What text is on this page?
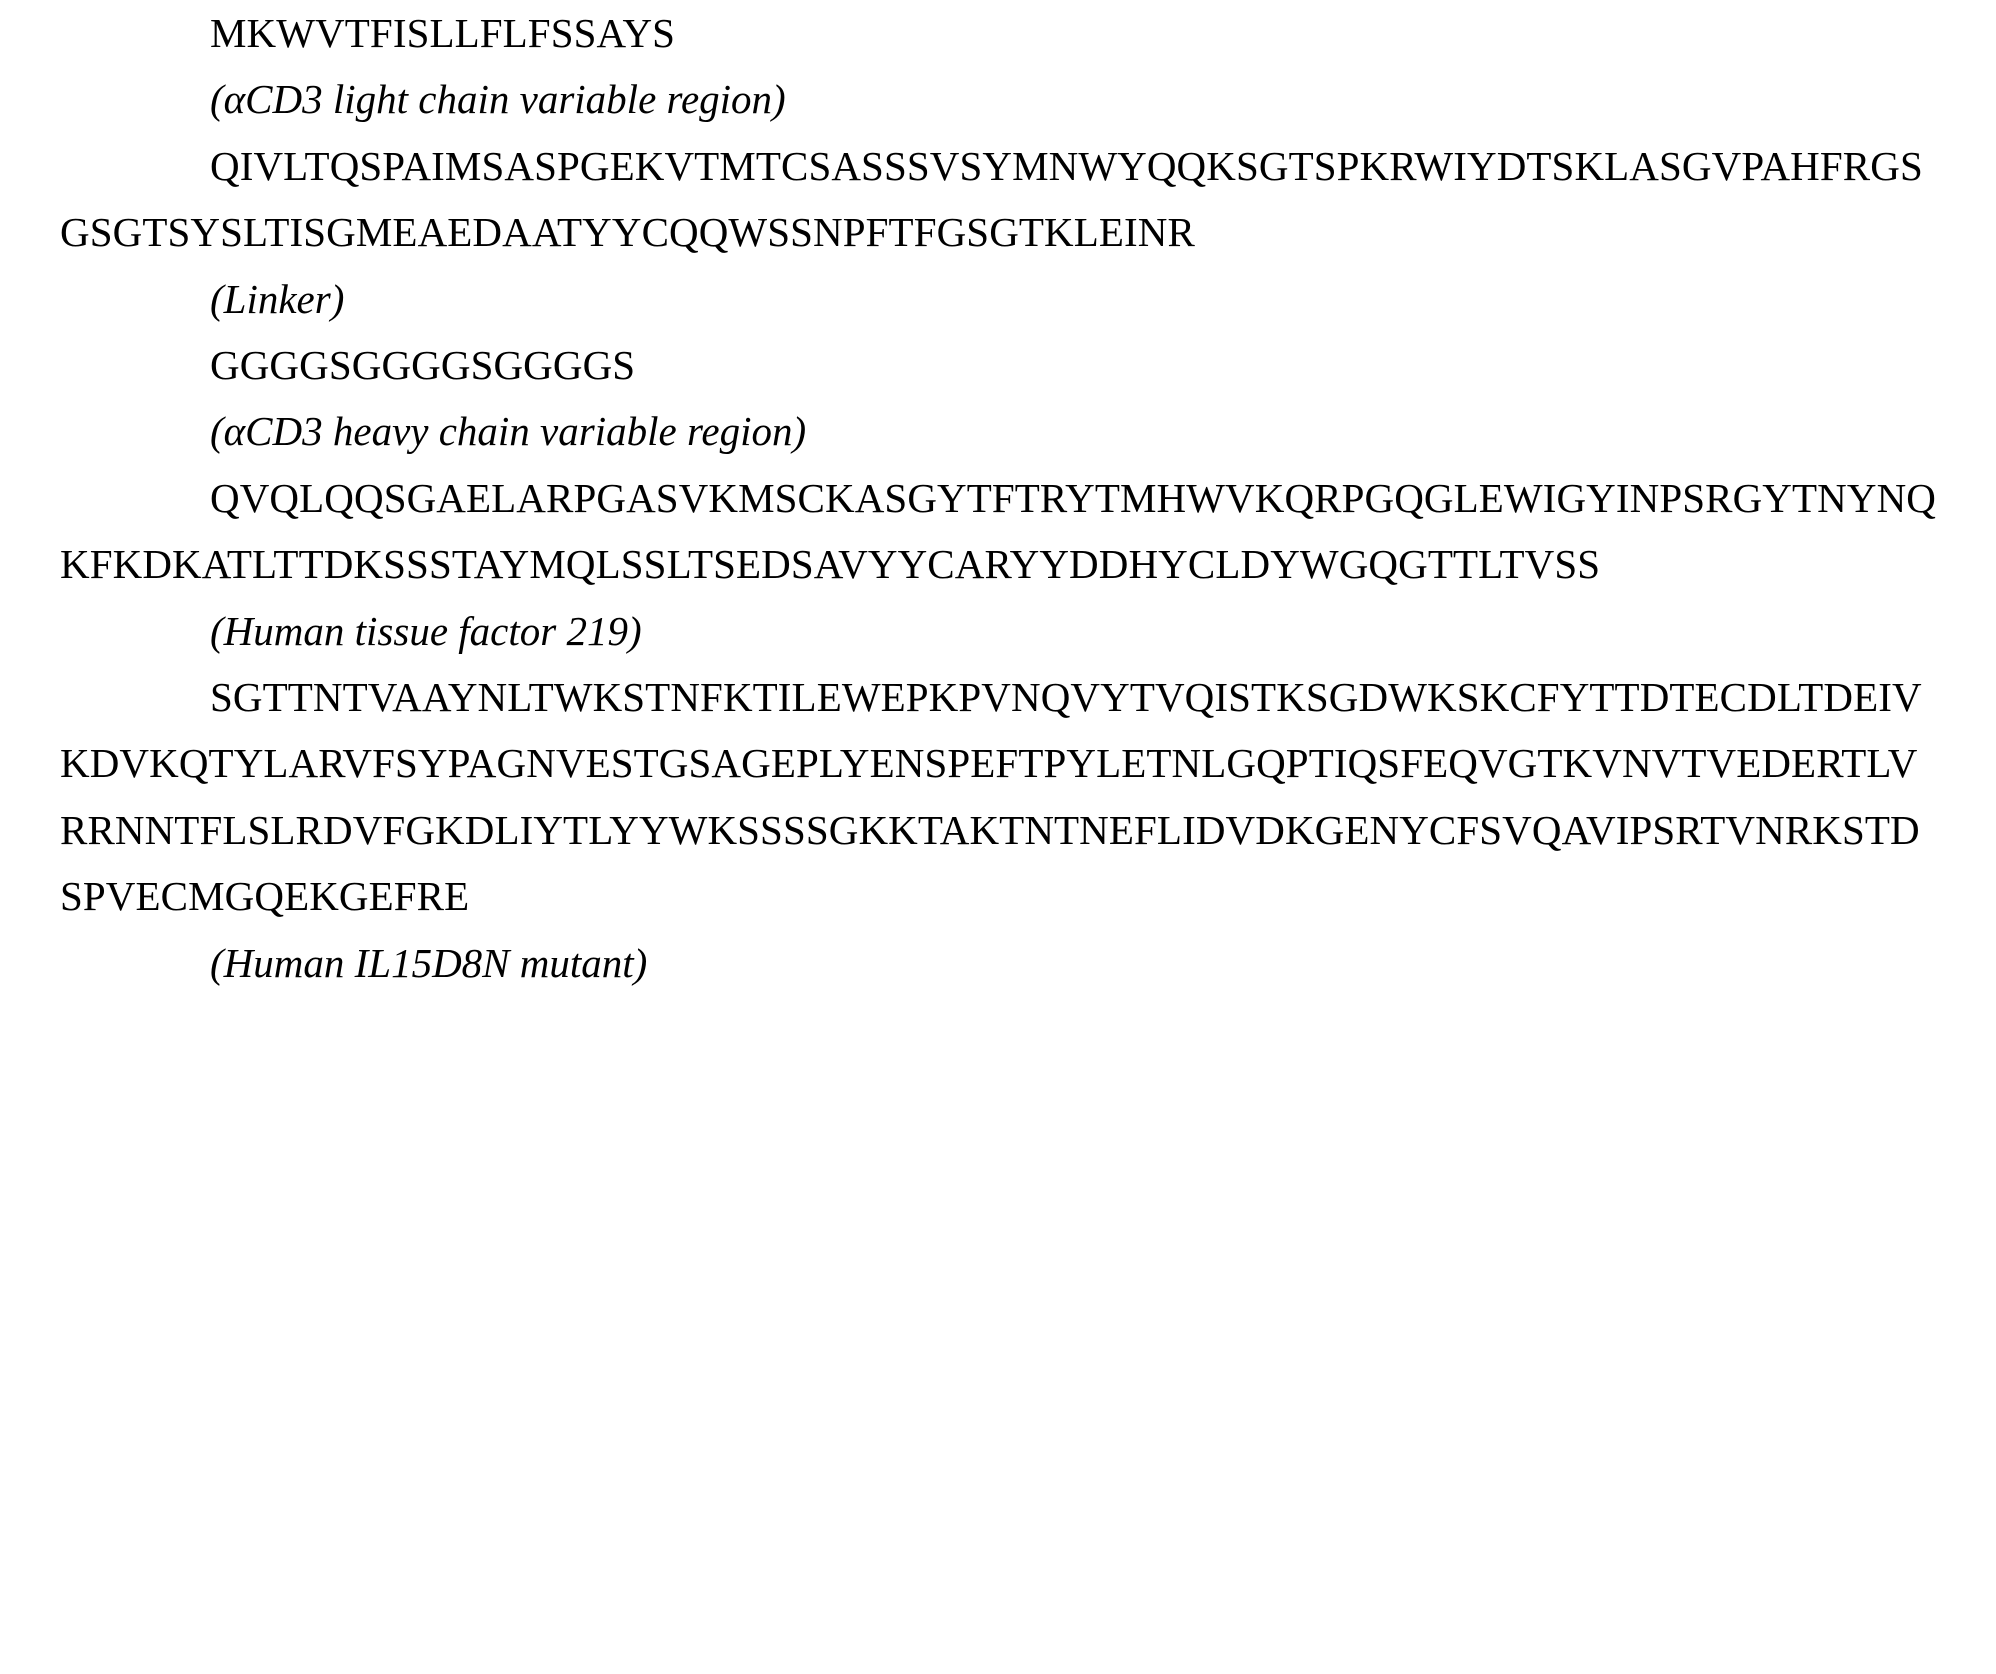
MKWVTFISLLFLFSSAYS
(αCD3 light chain variable region)
QIVLTQSPAIMSASPGEKVTMTCSASSSVSYMNWYQQKSGTSPKRWIYDTSKLASGVPAHFRGSGSGTSYSLTISGMEAEDAATYYCQQWSSNPFTFGSGTKLEINR
(Linker)
GGGGSGGGGSGGGGS
(αCD3 heavy chain variable region)
QVQLQQSGAELARPGASVKMSCKASGYTFTRYTMHWVKQRPGQGLEWIGYINPSRGYTNYNQKFKDKATLTTDKSSSTAYMQLSSLTSEDSAVYYCARYYDDHYCLDYWGQGTTLTVSS
(Human tissue factor 219)
SGTTNTVAAYNLTWKSTNFKTILEWEPKPVNQVYTVQISTKSGDWKSKCFYTTDTECDLTDEIVKDVKQTYLARVFSYPAGNVESTGSAGEPLYENSPEFTPYLETNLGQPTIQSFEQVGTKVNVTVEDERTLVRRNNTFLSLRDVFGKDLIYTLYYWKSSSSGKKTAKTNTNEFLIDVDKGENYCFSVQAVIPSRTVNRKSTDSPVECMGQEKGEFRE
(Human IL15D8N mutant)
